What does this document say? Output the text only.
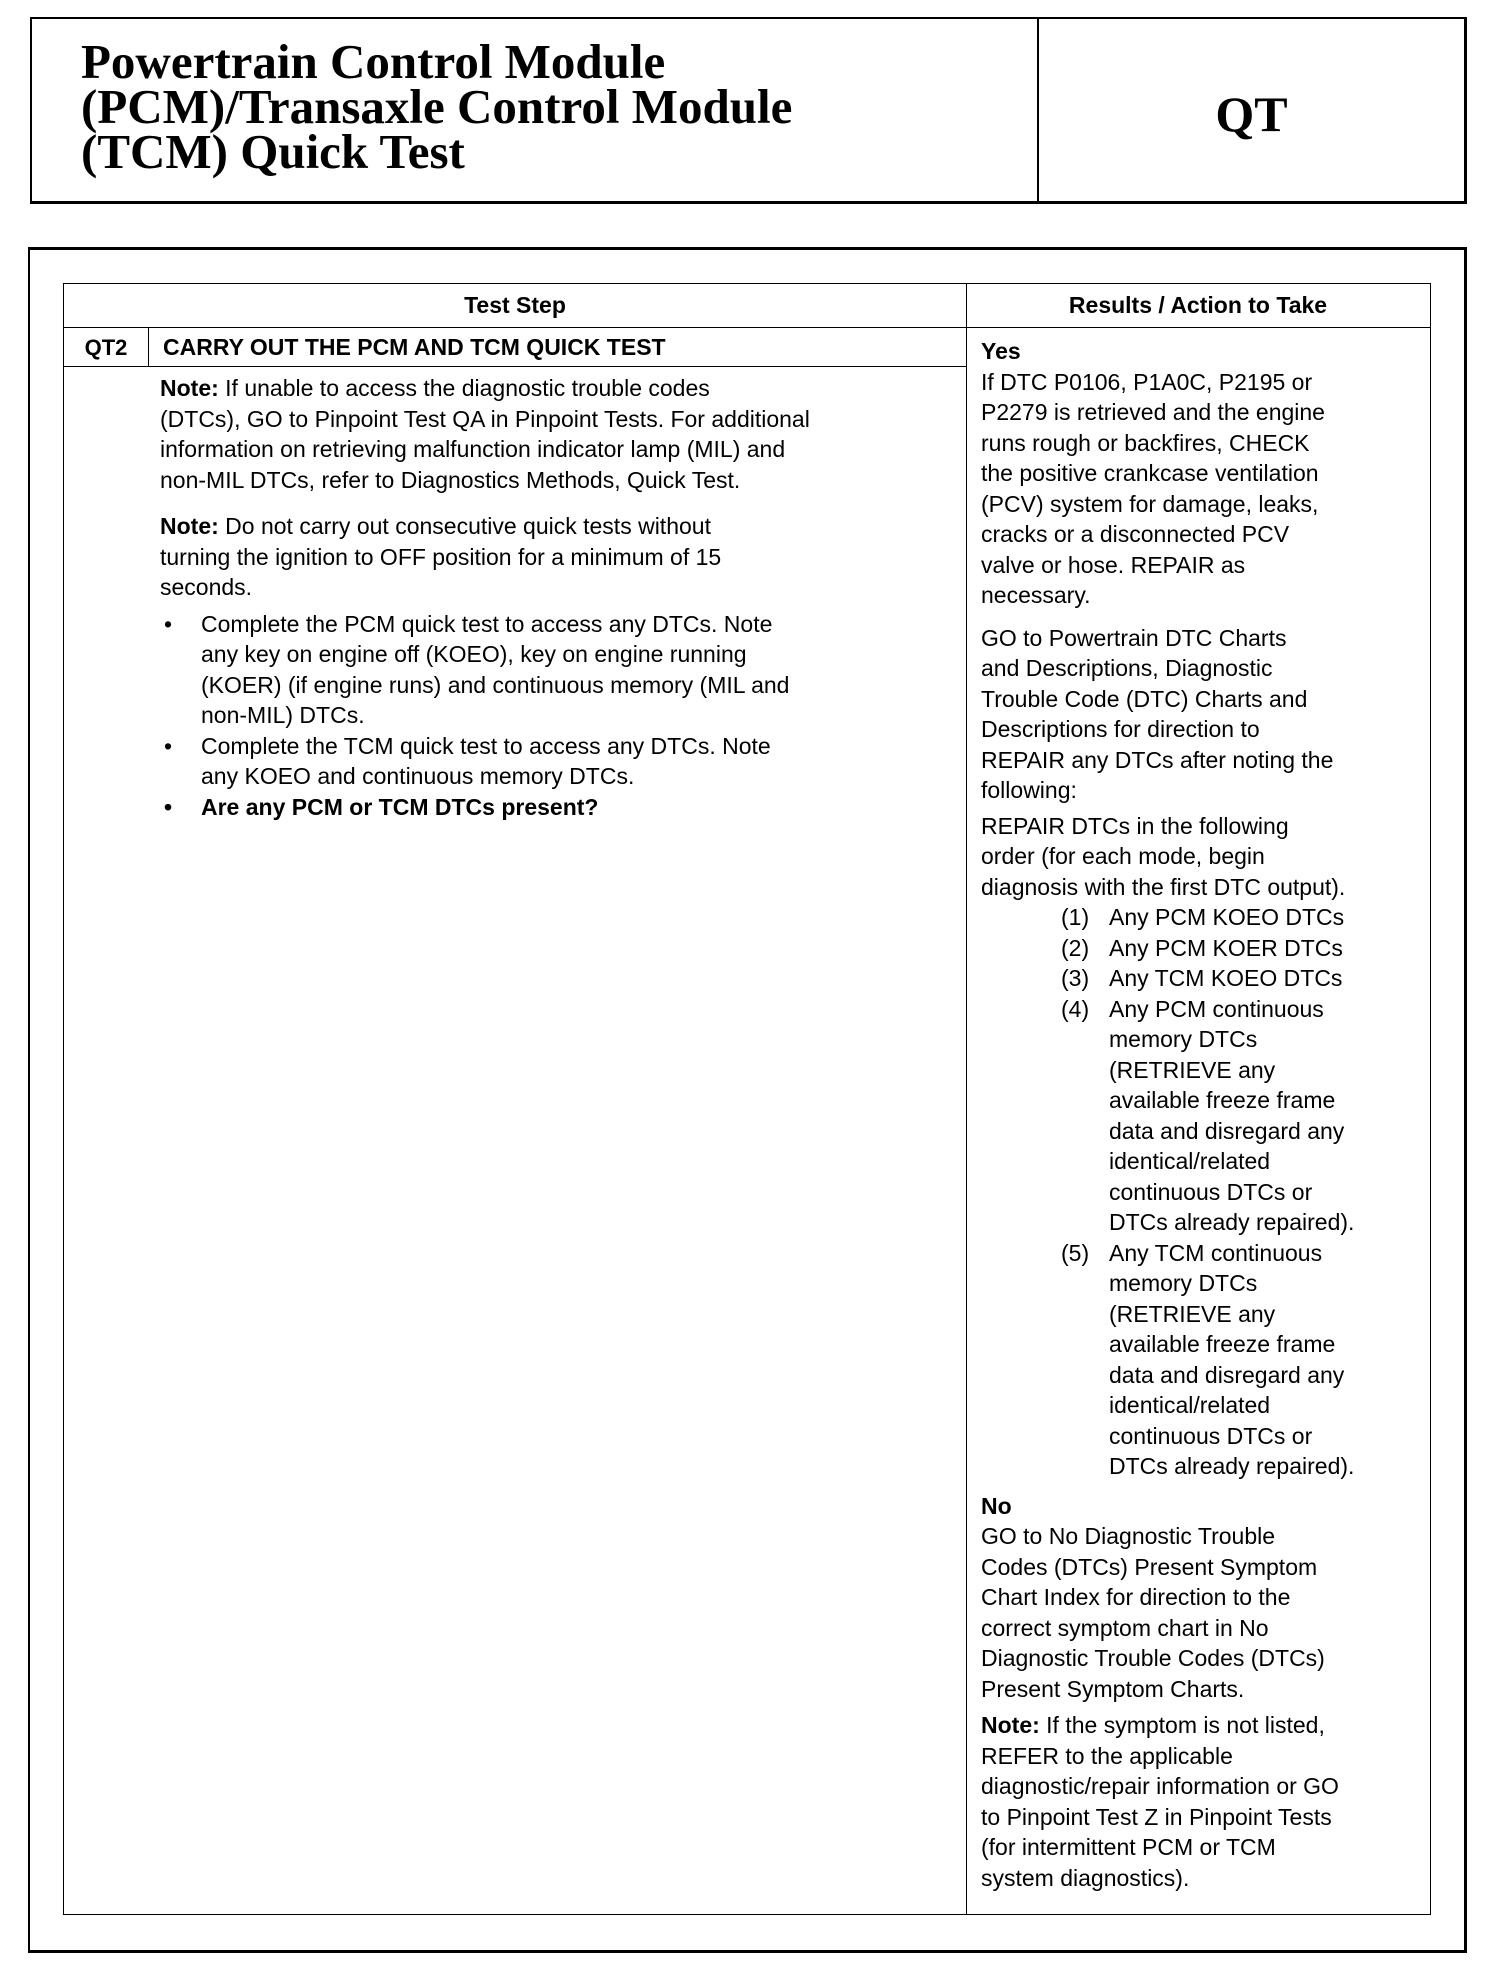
Powertrain Control Module
(PCM)/Transaxle Control Module
(TCM) Quick Test
QT
Test Step	Results / Action to Take
QT2	CARRY OUT THE PCM AND TCM QUICK TEST
Note: If unable to access the diagnostic trouble codes
(DTCs), GO to Pinpoint Test QA in Pinpoint Tests. For additional
information on retrieving malfunction indicator lamp (MIL) and
non-MIL DTCs, refer to Diagnostics Methods, Quick Test.
Note: Do not carry out consecutive quick tests without
turning the ignition to OFF position for a minimum of 15
seconds.
• Complete the PCM quick test to access any DTCs. Note
any key on engine off (KOEO), key on engine running
(KOER) (if engine runs) and continuous memory (MIL and
non-MIL) DTCs.
• Complete the TCM quick test to access any DTCs. Note
any KOEO and continuous memory DTCs.
• Are any PCM or TCM DTCs present?
Yes
If DTC P0106, P1A0C, P2195 or
P2279 is retrieved and the engine
runs rough or backfires, CHECK
the positive crankcase ventilation
(PCV) system for damage, leaks,
cracks or a disconnected PCV
valve or hose. REPAIR as
necessary.
GO to Powertrain DTC Charts
and Descriptions, Diagnostic
Trouble Code (DTC) Charts and
Descriptions for direction to
REPAIR any DTCs after noting the
following:
REPAIR DTCs in the following
order (for each mode, begin
diagnosis with the first DTC output).
(1) Any PCM KOEO DTCs
(2) Any PCM KOER DTCs
(3) Any TCM KOEO DTCs
(4) Any PCM continuous
memory DTCs
(RETRIEVE any
available freeze frame
data and disregard any
identical/related
continuous DTCs or
DTCs already repaired).
(5) Any TCM continuous
memory DTCs
(RETRIEVE any
available freeze frame
data and disregard any
identical/related
continuous DTCs or
DTCs already repaired).
No
GO to No Diagnostic Trouble
Codes (DTCs) Present Symptom
Chart Index for direction to the
correct symptom chart in No
Diagnostic Trouble Codes (DTCs)
Present Symptom Charts.
Note: If the symptom is not listed,
REFER to the applicable
diagnostic/repair information or GO
to Pinpoint Test Z in Pinpoint Tests
(for intermittent PCM or TCM
system diagnostics).
